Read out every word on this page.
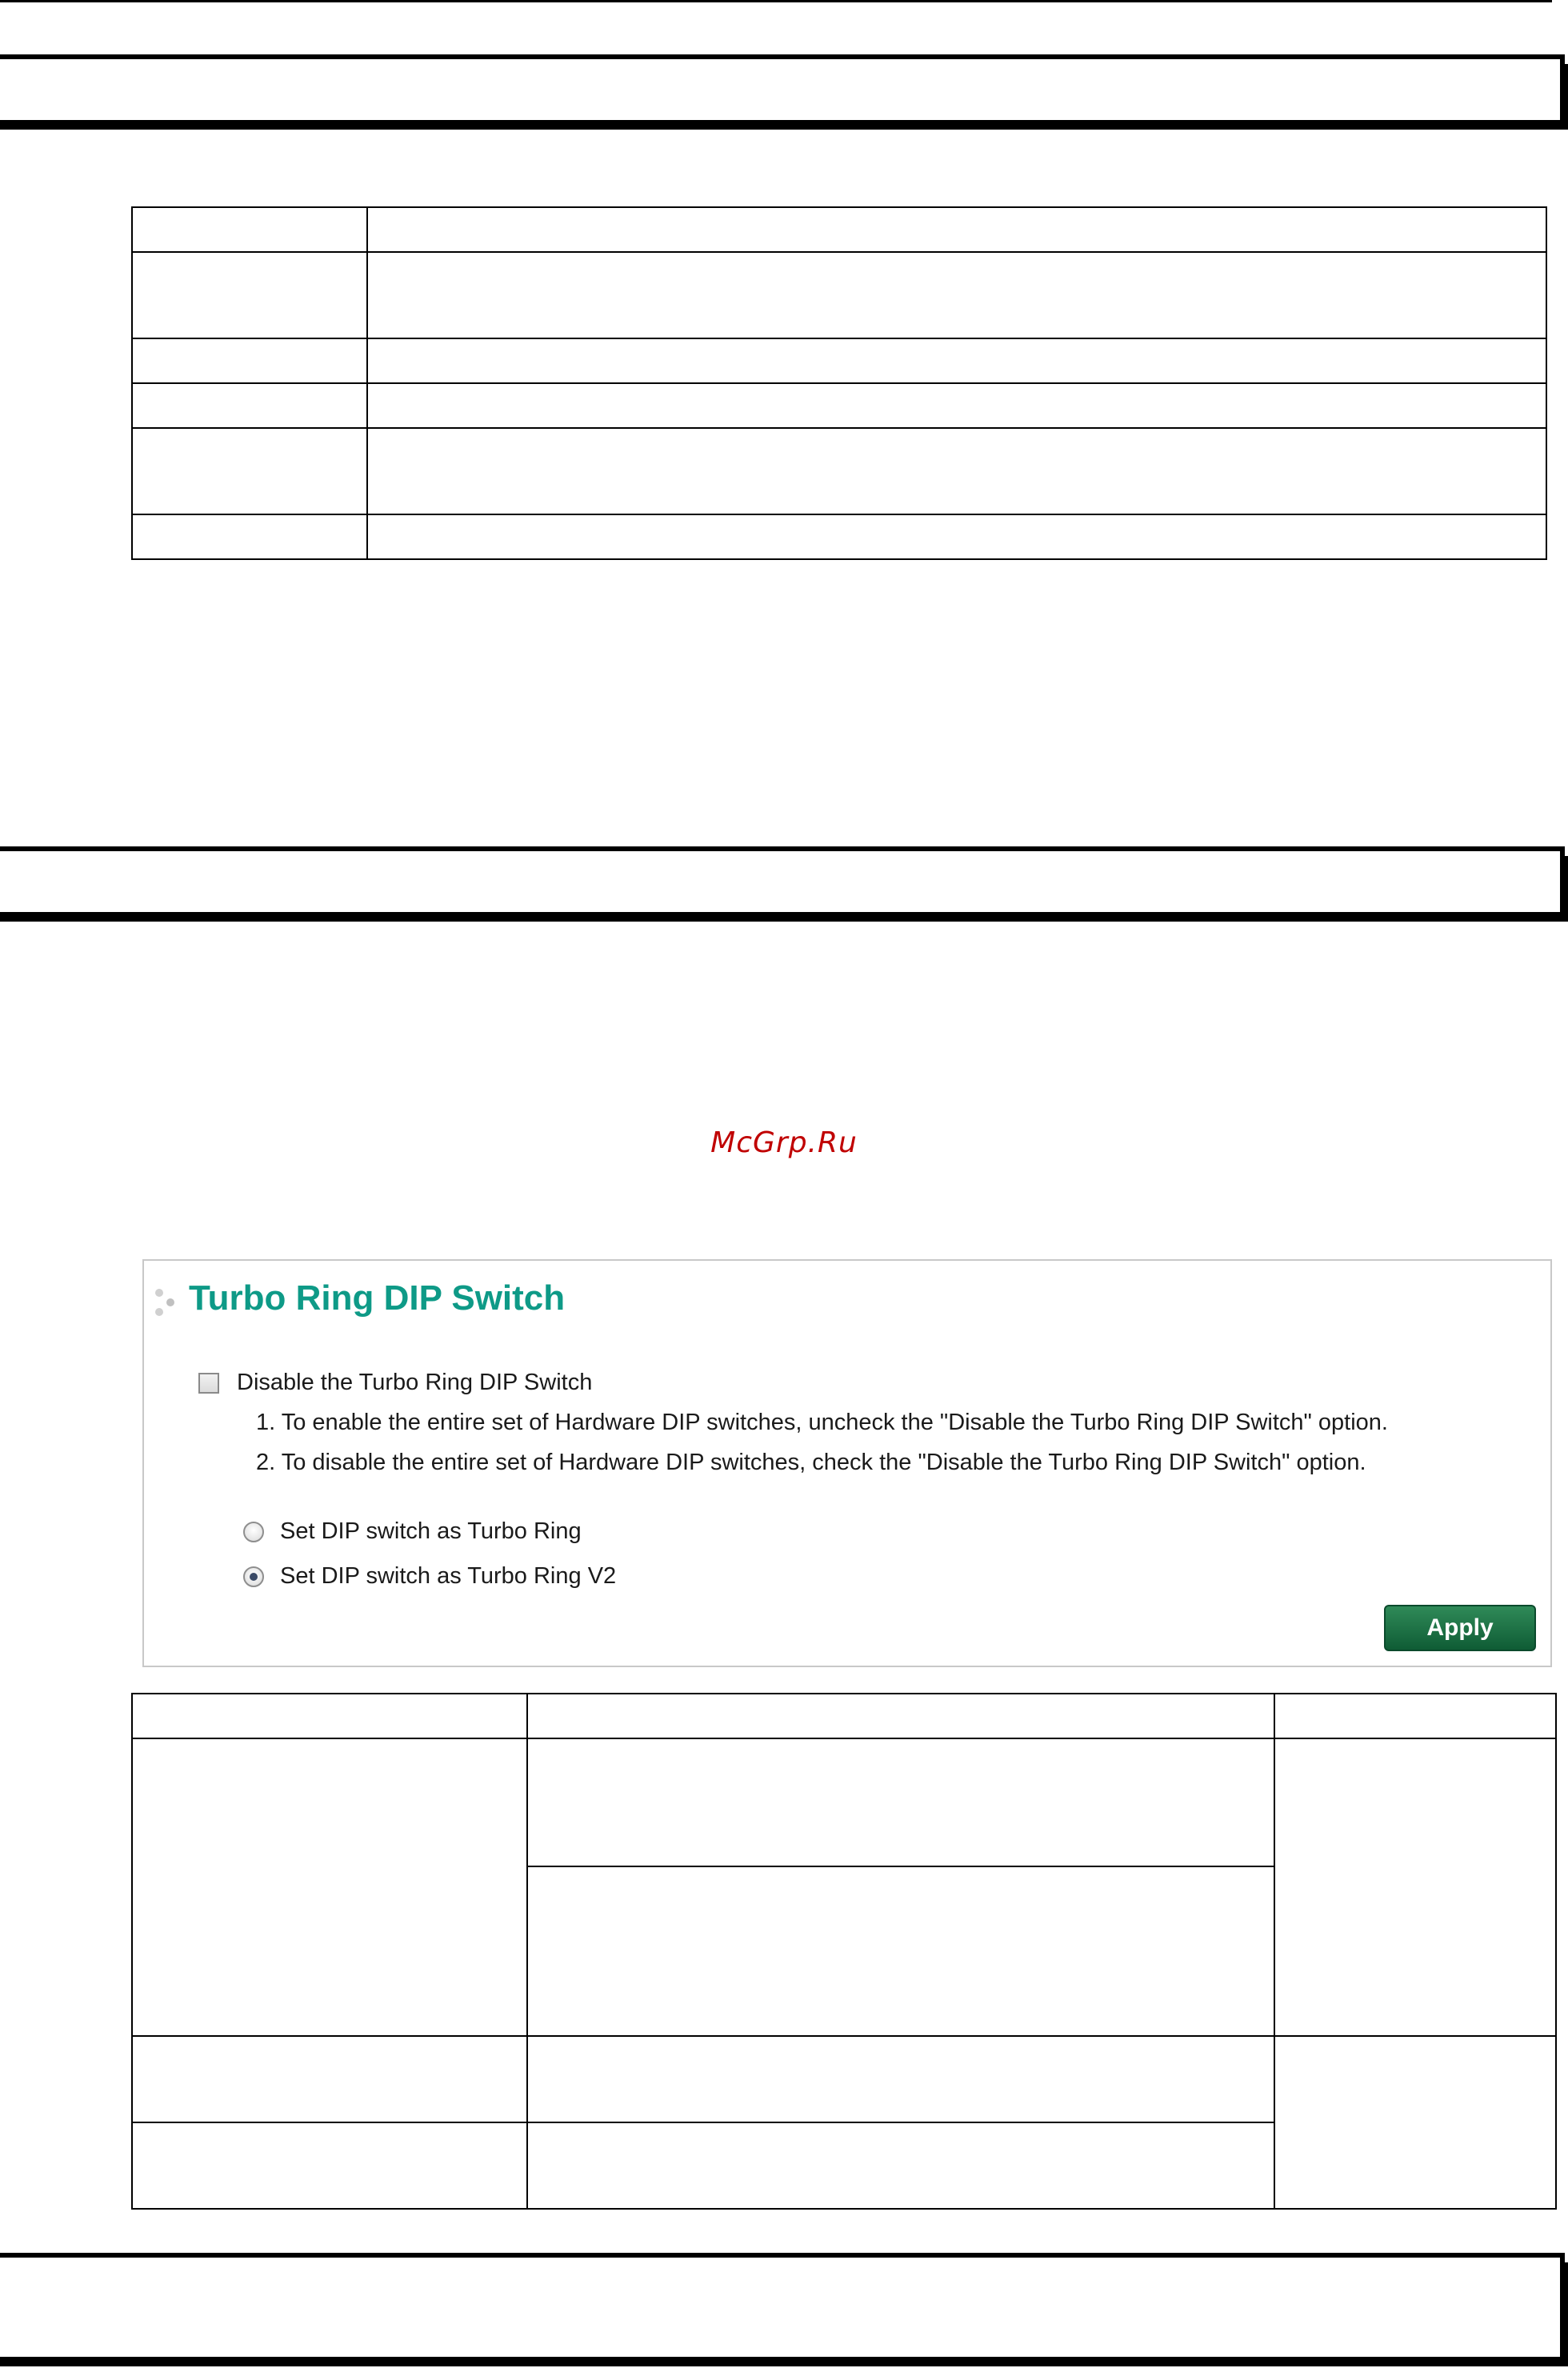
McGrp.Ru
Turbo Ring DIP Switch
Disable the Turbo Ring DIP Switch
1. To enable the entire set of Hardware DIP switches, uncheck the "Disable the Turbo Ring DIP Switch" option.
2. To disable the entire set of Hardware DIP switches, check the "Disable the Turbo Ring DIP Switch" option.
Set DIP switch as Turbo Ring
Set DIP switch as Turbo Ring V2
Apply
